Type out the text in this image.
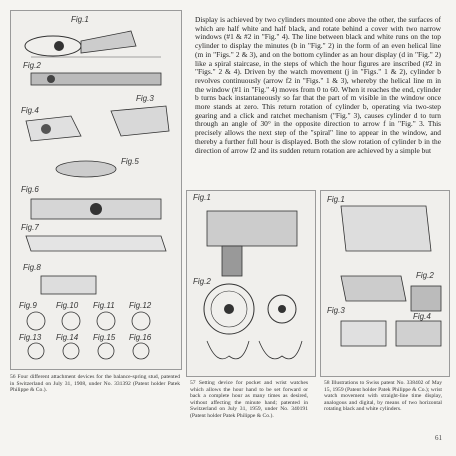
Fig.1
Fig.2
Fig.3
Fig.4
Fig.5
Fig.6
Fig.7
Fig.8
Fig.9 Fig.10 Fig.11 Fig.12
Fig.13 Fig.14 Fig.15 Fig.16
Display is achieved by two cylinders mounted one above the other, the surfaces of which are half white and half black, and rotate behind a cover with two narrow windows (#1 & #2 in "Fig." 4). The line between black and white runs on the top cylinder to display the minutes (b in "Fig." 2) in the form of an even helical line (m in "Figs." 2 & 3), and on the bottom cylinder as an hour display (d in "Fig." 2) like a spiral staircase, in the steps of which the hour figures are inscribed (#2 in "Figs." 2 & 4). Driven by the watch movement (j in "Figs." 1 & 2), cylinder b revolves continuously (arrow f2 in "Figs." 1 & 3), whereby the helical line m in the window (#1 in "Fig." 4) moves from 0 to 60. When it reaches the end, cylinder b turns back instantaneously so far that the part of m visible in the window once more stands at zero. This return rotation of cylinder b, operating via two-step gearing and a click and ratchet mechanism ("Fig." 3), causes cylinder d to turn through an angle of 30° in the opposite direction to arrow f in "Fig." 3. This precisely allows the next step of the "spiral" line to appear in the window, and thereby a further full hour is displayed. Both the slow rotation of cylinder b in the direction of arrow f2 and its sudden return rotation are achieved by a simple but
Fig.1
Fig.2
Fig.1
Fig.2
Fig.3
Fig.4
56 Four different attachment devices for the balance-spring stud, patented in Switzerland on July 31, 1908, under No. 331392 (Patent holder Patek Philippe & Co.).
57 Setting device for pocket and wrist watches which allows the hour hand to be set forward or back a complete hour as many times as desired, without affecting the minute hand; patented in Switzerland on July 31, 1959, under No. 340191 (Patent holder Patek Philippe & Co.).
58 Illustrations to Swiss patent No. 338402 of May 15, 1959 (Patent holder Patek Philippe & Co.); wrist watch movement with straight-line time display, analogous and digital, by means of two horizontal rotating black and white cylinders.
61
